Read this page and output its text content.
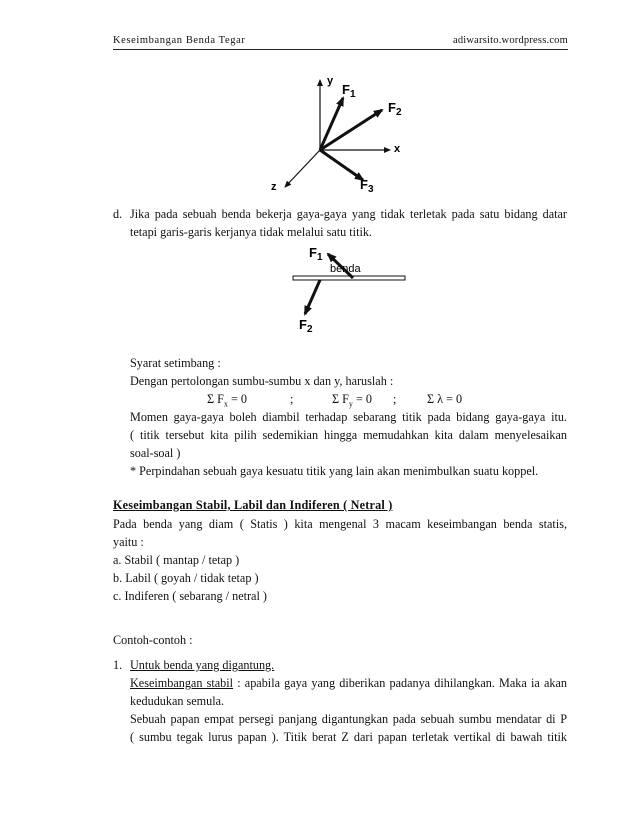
Keseimbangan Benda Tegar	adiwarsito.wordpress.com
y
x
z
$F_1$
$F_2$
$F_3$
d. Jika pada sebuah benda bekerja gaya-gaya yang tidak terletak pada satu bidang datar
tetapi garis-garis kerjanya tidak melalui satu titik.
$F_1$
benda
$F_2$
Syarat setimbang :
Dengan pertolongan sumbu-sumbu x dan y, haruslah :
Σ $F_x = 0$	;	Σ $F_y = 0$ ;	Σ λ = 0
Momen gaya-gaya boleh diambil terhadap sebarang titik pada bidang gaya-gaya itu.
( titik tersebut kita pilih sedemikian hingga memudahkan kita dalam menyelesaikan
soal-soal )
* Perpindahan sebuah gaya kesuatu titik yang lain akan menimbulkan suatu koppel.
Keseimbangan Stabil, Labil dan Indiferen ( Netral )
Pada benda yang diam ( Statis ) kita mengenal 3 macam keseimbangan benda statis,
yaitu :
a. Stabil ( mantap / tetap )
b. Labil ( goyah / tidak tetap )
c. Indiferen ( sebarang / netral )
Contoh-contoh :
1. Untuk benda yang digantung.
Keseimbangan stabil : apabila gaya yang diberikan padanya dihilangkan. Maka ia akan
kedudukan semula.
Sebuah papan empat persegi panjang digantungkan pada sebuah sumbu mendatar di P
( sumbu tegak lurus papan ). Titik berat Z dari papan terletak vertikal di bawah titik
